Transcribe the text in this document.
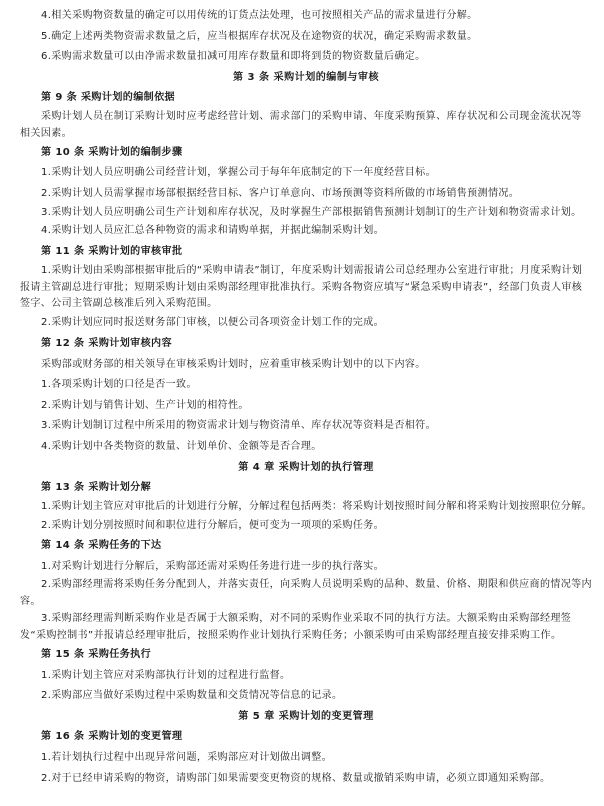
4.相关采购物资数量的确定可以用传统的订货点法处理，也可按照相关产品的需求量进行分解。

5.确定上述两类物资需求数量之后，应当根据库存状况及在途物资的状况，确定采购需求数量。

6.采购需求数量可以由净需求数量扣减可用库存数量和即将到货的物资数量后确定。

第 3 条 采购计划的编制与审核

第 9 条 采购计划的编制依据

采购计划人员在制订采购计划时应考虑经营计划、需求部门的采购申请、年度采购预算、库存状况和公司现金流状况等相关因素。

第 10 条 采购计划的编制步骤

1.采购计划人员应明确公司经营计划，掌握公司于每年年底制定的下一年度经营目标。

2.采购计划人员需掌握市场部根据经营目标、客户订单意向、市场预测等资料所做的市场销售预测情况。

3.采购计划人员应明确公司生产计划和库存状况，及时掌握生产部根据销售预测计划制订的生产计划和物资需求计划。

4.采购计划人员应汇总各种物资的需求和请购单据，并据此编制采购计划。

第 11 条 采购计划的审核审批

1.采购计划由采购部根据审批后的“采购申请表”制订，年度采购计划需报请公司总经理办公室进行审批；月度采购计划报请主管副总进行审批；短期采购计划由采购部经理审批准执行。采购各物资应填写“紧急采购申请表”，经部门负责人审核签字、公司主管副总核准后列入采购范围。

2.采购计划应同时报送财务部门审核，以便公司各项资金计划工作的完成。

第 12 条 采购计划审核内容

采购部或财务部的相关领导在审核采购计划时，应着重审核采购计划中的以下内容。

1.各项采购计划的口径是否一致。

2.采购计划与销售计划、生产计划的相符性。

3.采购计划制订过程中所采用的物资需求计划与物资清单、库存状况等资料是否相符。

4.采购计划中各类物资的数量、计划单价、金额等是否合理。

第 4 章 采购计划的执行管理

第 13 条 采购计划分解

1.采购计划主管应对审批后的计划进行分解，分解过程包括两类：将采购计划按照时间分解和将采购计划按照职位分解。

2.采购计划分别按照时间和职位进行分解后，便可变为一项项的采购任务。

第 14 条 采购任务的下达

1.对采购计划进行分解后，采购部还需对采购任务进行进一步的执行落实。

2.采购部经理需将采购任务分配到人，并落实责任，向采购人员说明采购的品种、数量、价格、期限和供应商的情况等内容。

3.采购部经理需判断采购作业是否属于大额采购，对不同的采购作业采取不同的执行方法。大额采购由采购部经理签发“采购控制书”并报请总经理审批后，按照采购作业计划执行采购任务；小额采购可由采购部经理直接安排采购工作。

第 15 条 采购任务执行

1.采购计划主管应对采购部执行计划的过程进行监督。

2.采购部应当做好采购过程中采购数量和交货情况等信息的记录。

第 5 章 采购计划的变更管理

第 16 条 采购计划的变更管理

1.若计划执行过程中出现异常问题，采购部应对计划做出调整。

2.对于已经申请采购的物资，请购部门如果需要变更物资的规格、数量或撤销采购申请，必须立即通知采购部。
